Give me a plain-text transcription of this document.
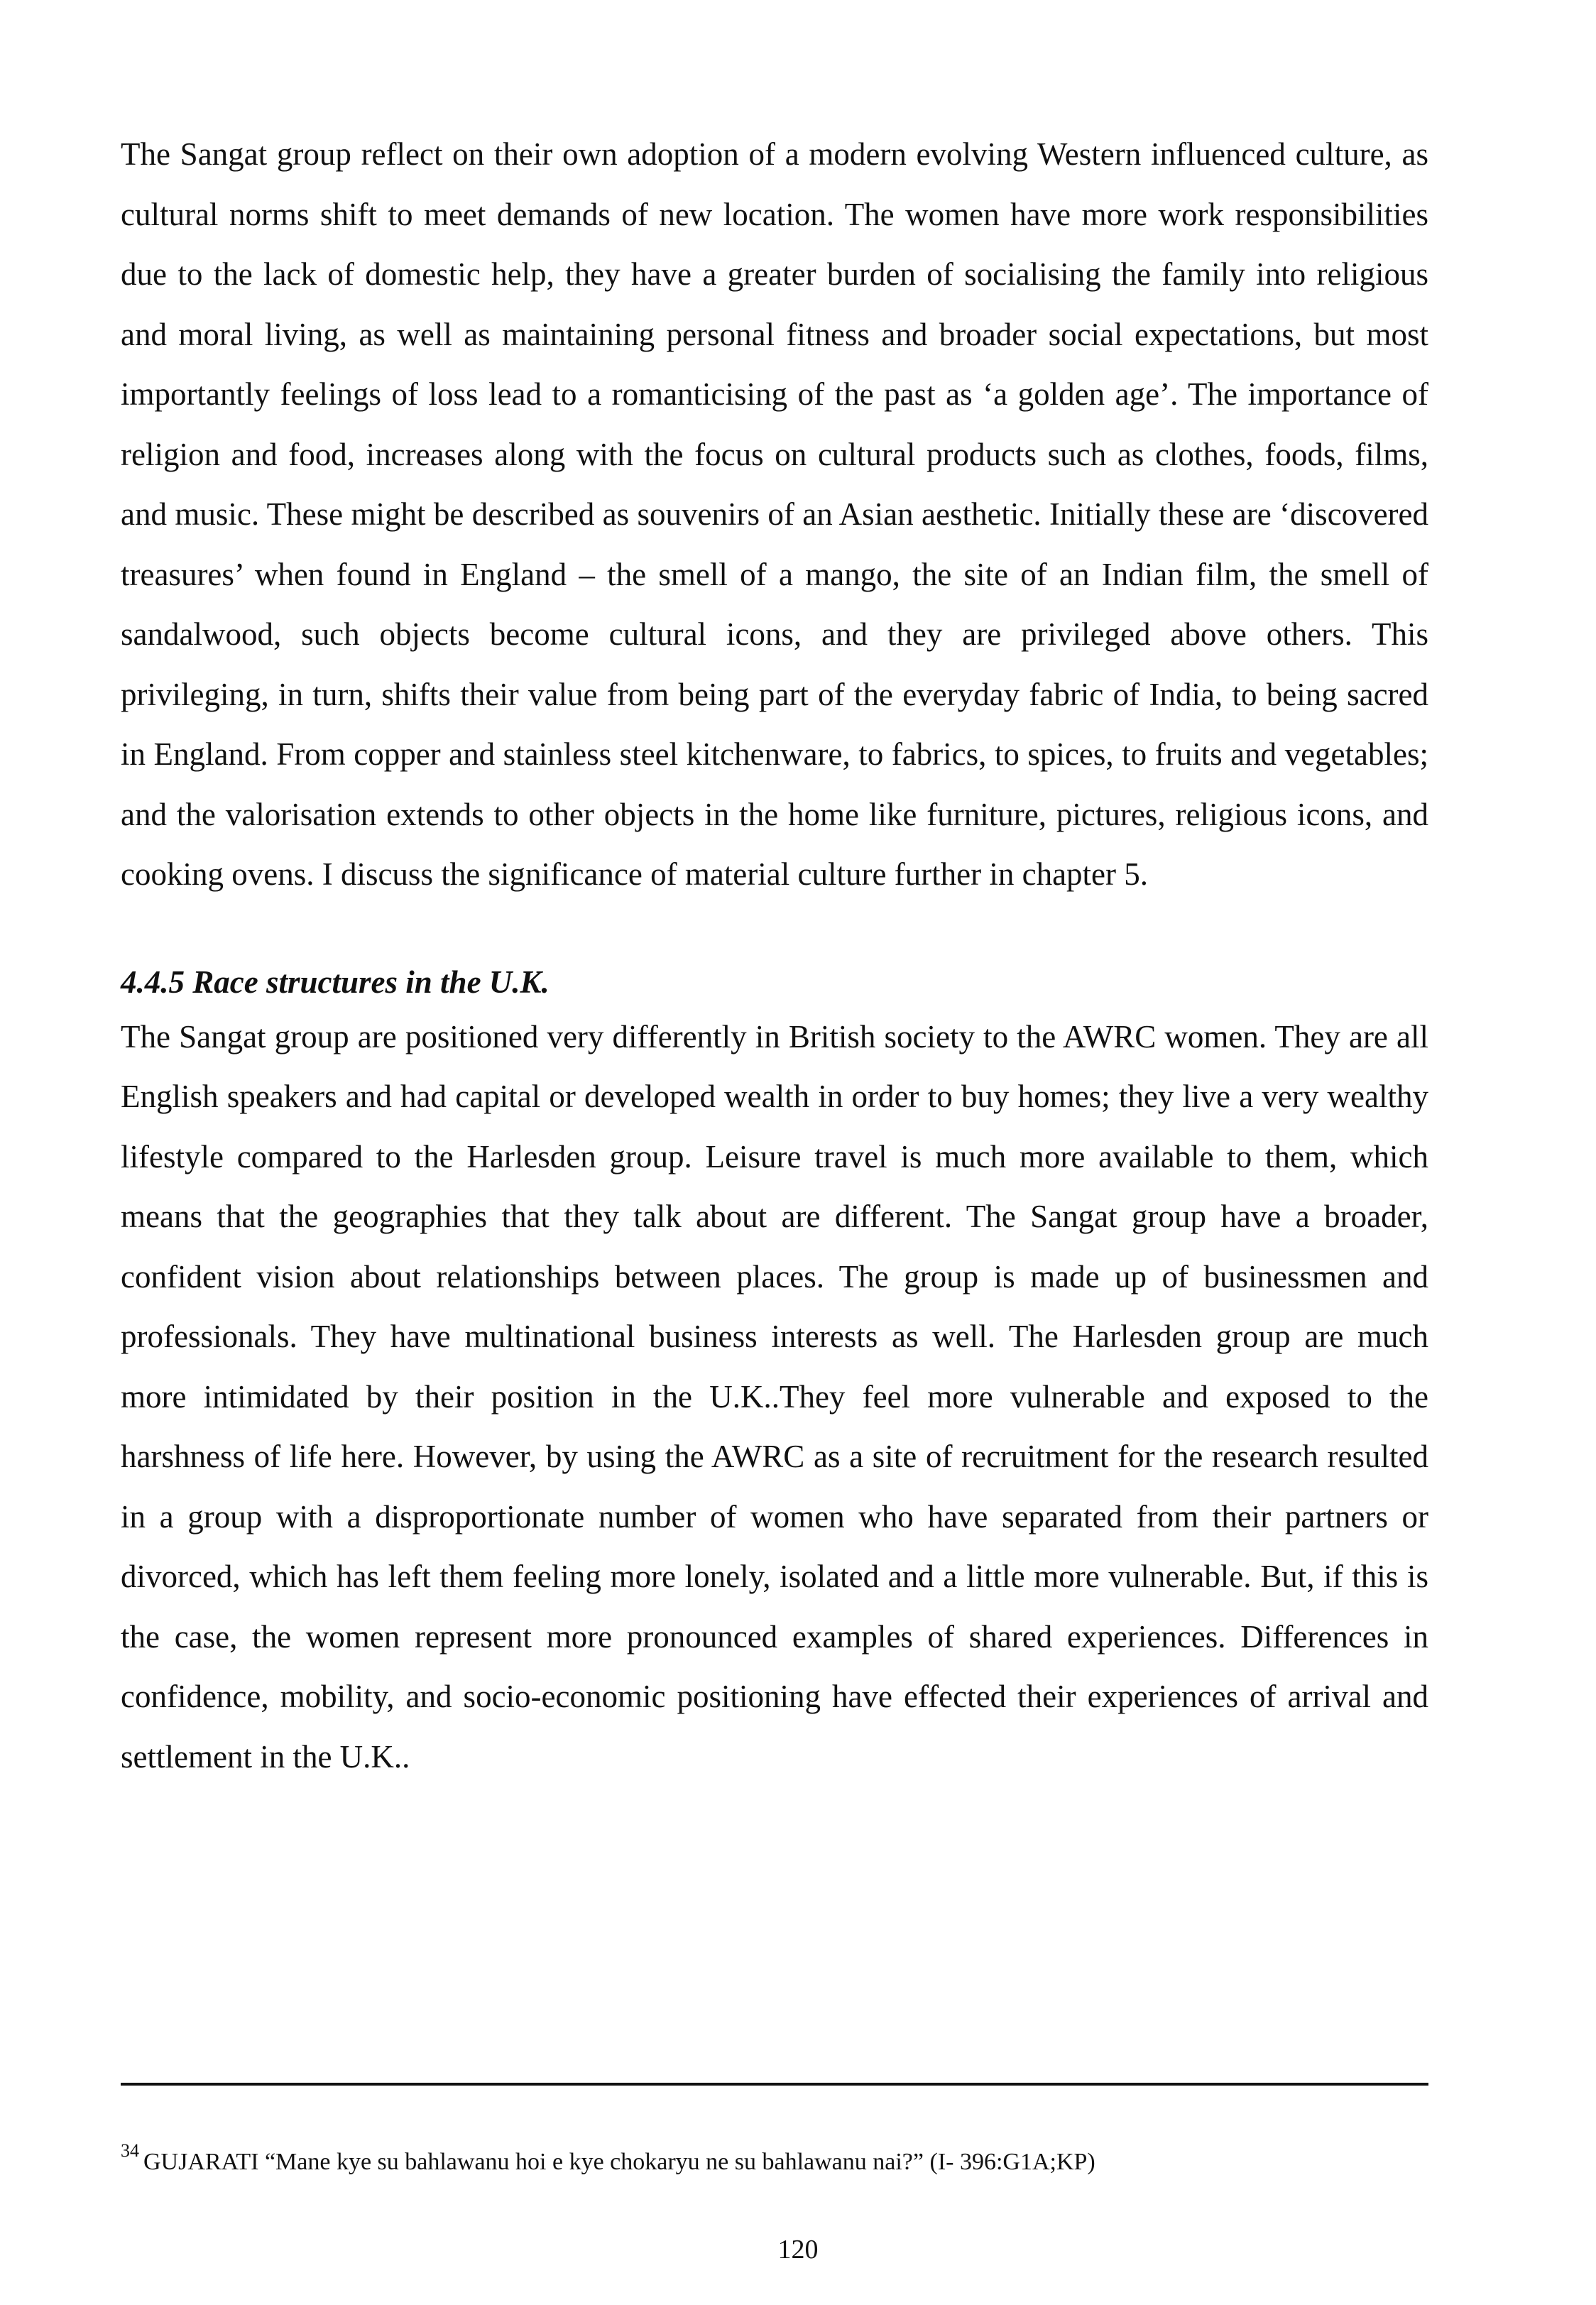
The Sangat group reflect on their own adoption of a modern evolving Western influenced culture, as cultural norms shift to meet demands of new location. The women have more work responsibilities due to the lack of domestic help, they have a greater burden of socialising the family into religious and moral living, as well as maintaining personal fitness and broader social expectations, but most importantly feelings of loss lead to a romanticising of the past as ‘a golden age’. The importance of religion and food, increases along with the focus on cultural products such as clothes, foods, films, and music. These might be described as souvenirs of an Asian aesthetic. Initially these are ‘discovered treasures’ when found in England – the smell of a mango, the site of an Indian film, the smell of sandalwood, such objects become cultural icons, and they are privileged above others. This privileging, in turn, shifts their value from being part of the everyday fabric of India, to being sacred in England. From copper and stainless steel kitchenware, to fabrics, to spices, to fruits and vegetables; and the valorisation extends to other objects in the home like furniture, pictures, religious icons, and cooking ovens. I discuss the significance of material culture further in chapter 5.

4.4.5 Race structures in the U.K.

The Sangat group are positioned very differently in British society to the AWRC women. They are all English speakers and had capital or developed wealth in order to buy homes; they live a very wealthy lifestyle compared to the Harlesden group. Leisure travel is much more available to them, which means that the geographies that they talk about are different. The Sangat group have a broader, confident vision about relationships between places. The group is made up of businessmen and professionals. They have multinational business interests as well. The Harlesden group are much more intimidated by their position in the U.K..They feel more vulnerable and exposed to the harshness of life here. However, by using the AWRC as a site of recruitment for the research resulted in a group with a disproportionate number of women who have separated from their partners or divorced, which has left them feeling more lonely, isolated and a little more vulnerable. But, if this is the case, the women represent more pronounced examples of shared experiences. Differences in confidence, mobility, and socio-economic positioning have effected their experiences of arrival and settlement in the U.K..

$^{34}$ GUJARATI “Mane kye su bahlawanu hoi e kye chokaryu ne su bahlawanu nai?” (I- 396:G1A;KP)
120
